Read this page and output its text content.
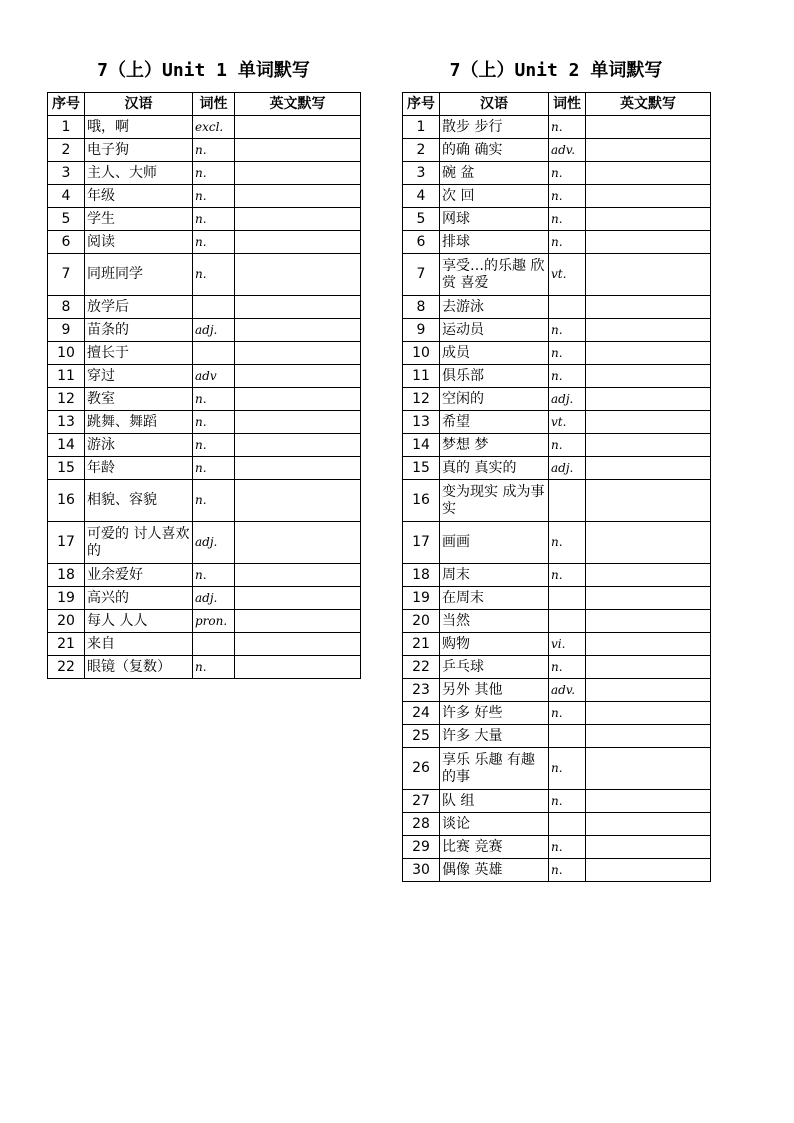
7（上）Unit 1 单词默写
序号	汉语	词性	英文默写
1	哦，啊	excl.	
2	电子狗	n.	
3	主人、大师	n.	
4	年级	n.	
5	学生	n.	
6	阅读	n.	
7	同班同学	n.	
8	放学后		
9	苗条的	adj.	
10	擅长于		
11	穿过	adv	
12	教室	n.	
13	跳舞、舞蹈	n.	
14	游泳	n.	
15	年龄	n.	
16	相貌、容貌	n.	
17	可爱的 讨人喜欢的	adj.	
18	业余爱好	n.	
19	高兴的	adj.	
20	每人 人人	pron.	
21	来自		
22	眼镜（复数）	n.	
7（上）Unit 2 单词默写
序号	汉语	词性	英文默写
1	散步 步行	n.	
2	的确 确实	adv.	
3	碗 盆	n.	
4	次 回	n.	
5	网球	n.	
6	排球	n.	
7	享受…的乐趣 欣赏 喜爱	vt.	
8	去游泳		
9	运动员	n.	
10	成员	n.	
11	俱乐部	n.	
12	空闲的	adj.	
13	希望	vt.	
14	梦想 梦	n.	
15	真的 真实的	adj.	
16	变为现实 成为事实		
17	画画	n.	
18	周末	n.	
19	在周末		
20	当然		
21	购物	vi.	
22	乒乓球	n.	
23	另外 其他	adv.	
24	许多 好些	n.	
25	许多 大量		
26	享乐 乐趣 有趣的事	n.	
27	队 组	n.	
28	谈论		
29	比赛 竞赛	n.	
30	偶像 英雄	n.	
